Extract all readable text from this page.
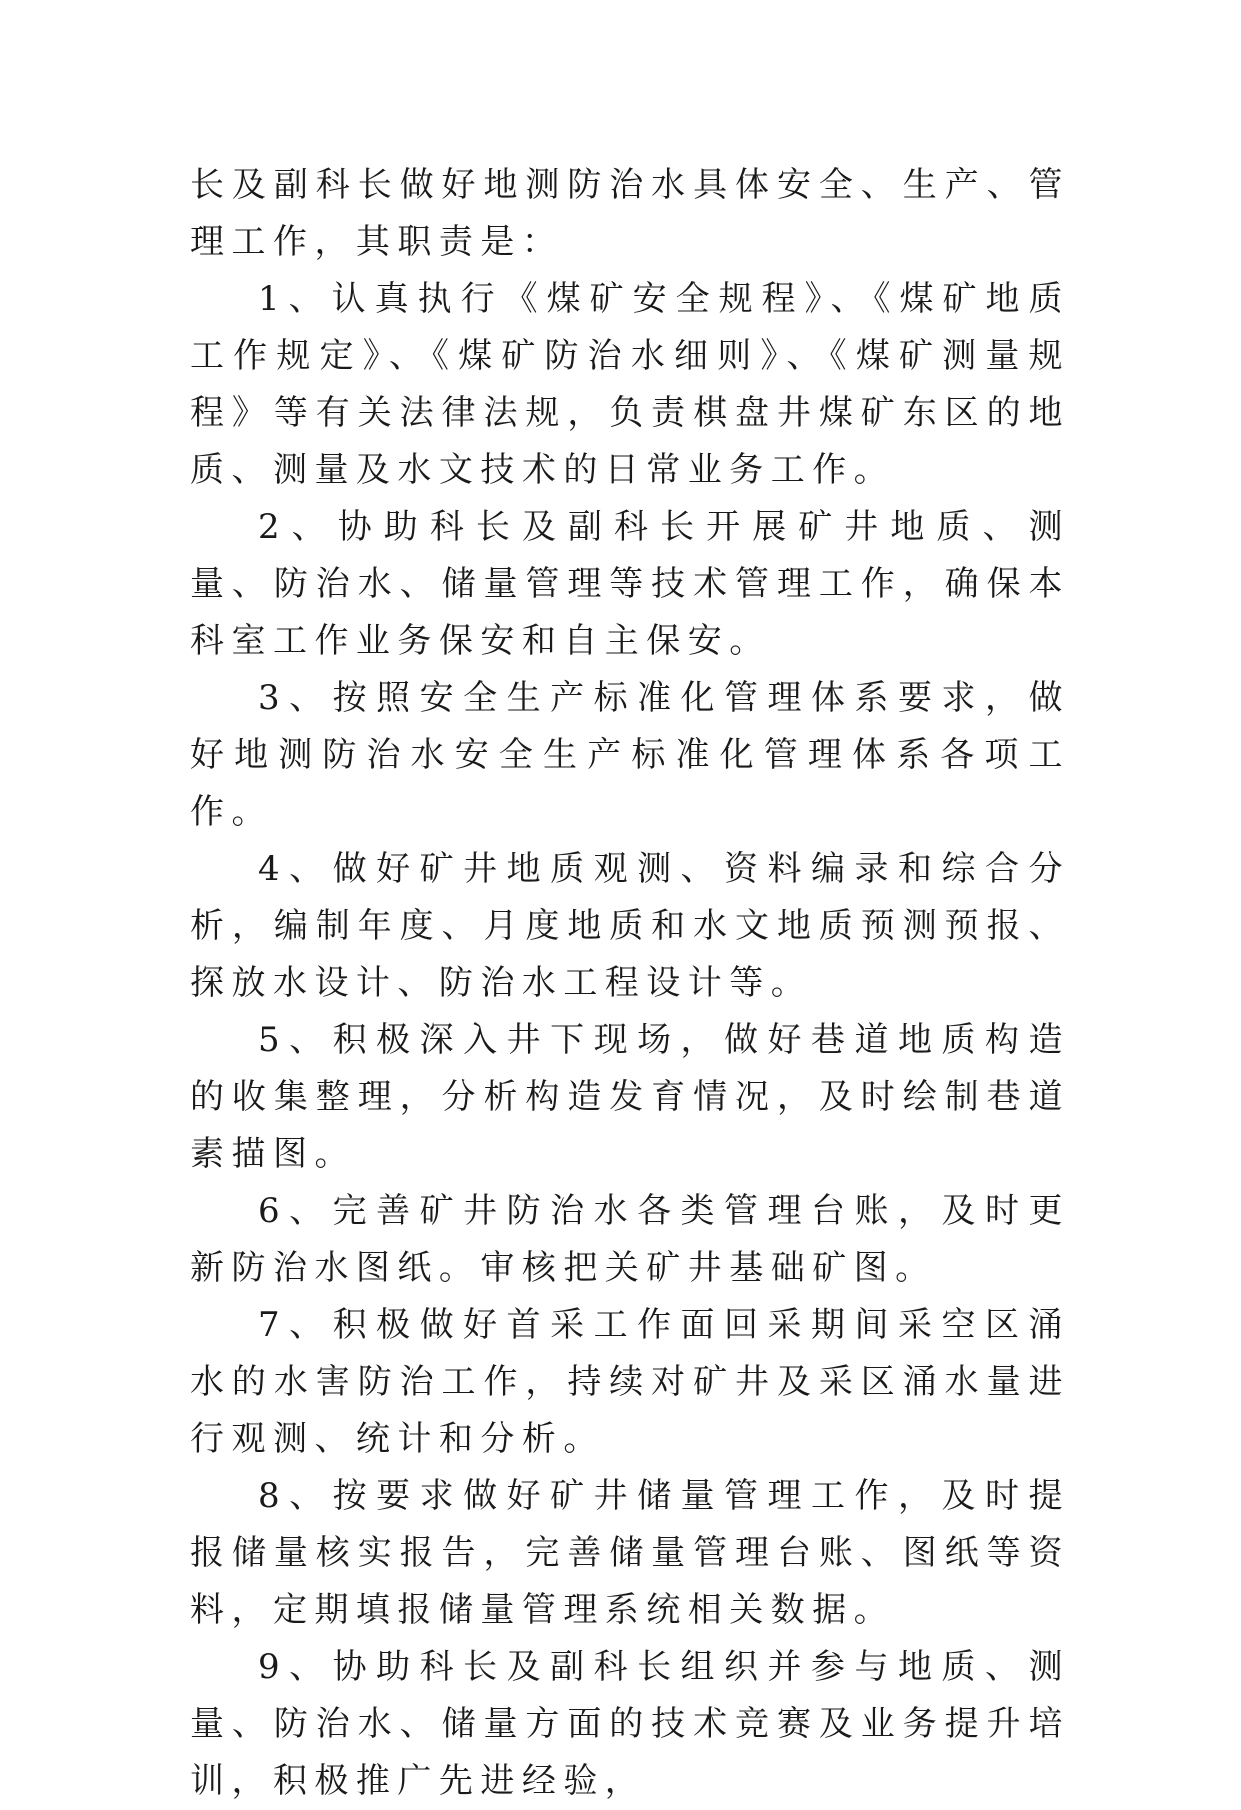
长及副科长做好地测防治水具体安全、生产、管理工作，其职责是：

1、认真执行《煤矿安全规程》、《煤矿地质工作规定》、《煤矿防治水细则》、《煤矿测量规程》等有关法律法规，负责棋盘井煤矿东区的地质、测量及水文技术的日常业务工作。

2、协助科长及副科长开展矿井地质、测量、防治水、储量管理等技术管理工作，确保本科室工作业务保安和自主保安。

3、按照安全生产标准化管理体系要求，做好地测防治水安全生产标准化管理体系各项工作。

4、做好矿井地质观测、资料编录和综合分析，编制年度、月度地质和水文地质预测预报、探放水设计、防治水工程设计等。

5、积极深入井下现场，做好巷道地质构造的收集整理，分析构造发育情况，及时绘制巷道素描图。

6、完善矿井防治水各类管理台账，及时更新防治水图纸。审核把关矿井基础矿图。

7、积极做好首采工作面回采期间采空区涌水的水害防治工作，持续对矿井及采区涌水量进行观测、统计和分析。

8、按要求做好矿井储量管理工作，及时提报储量核实报告，完善储量管理台账、图纸等资料，定期填报储量管理系统相关数据。

9、协助科长及副科长组织并参与地质、测量、防治水、储量方面的技术竞赛及业务提升培训，积极推广先进经验，
